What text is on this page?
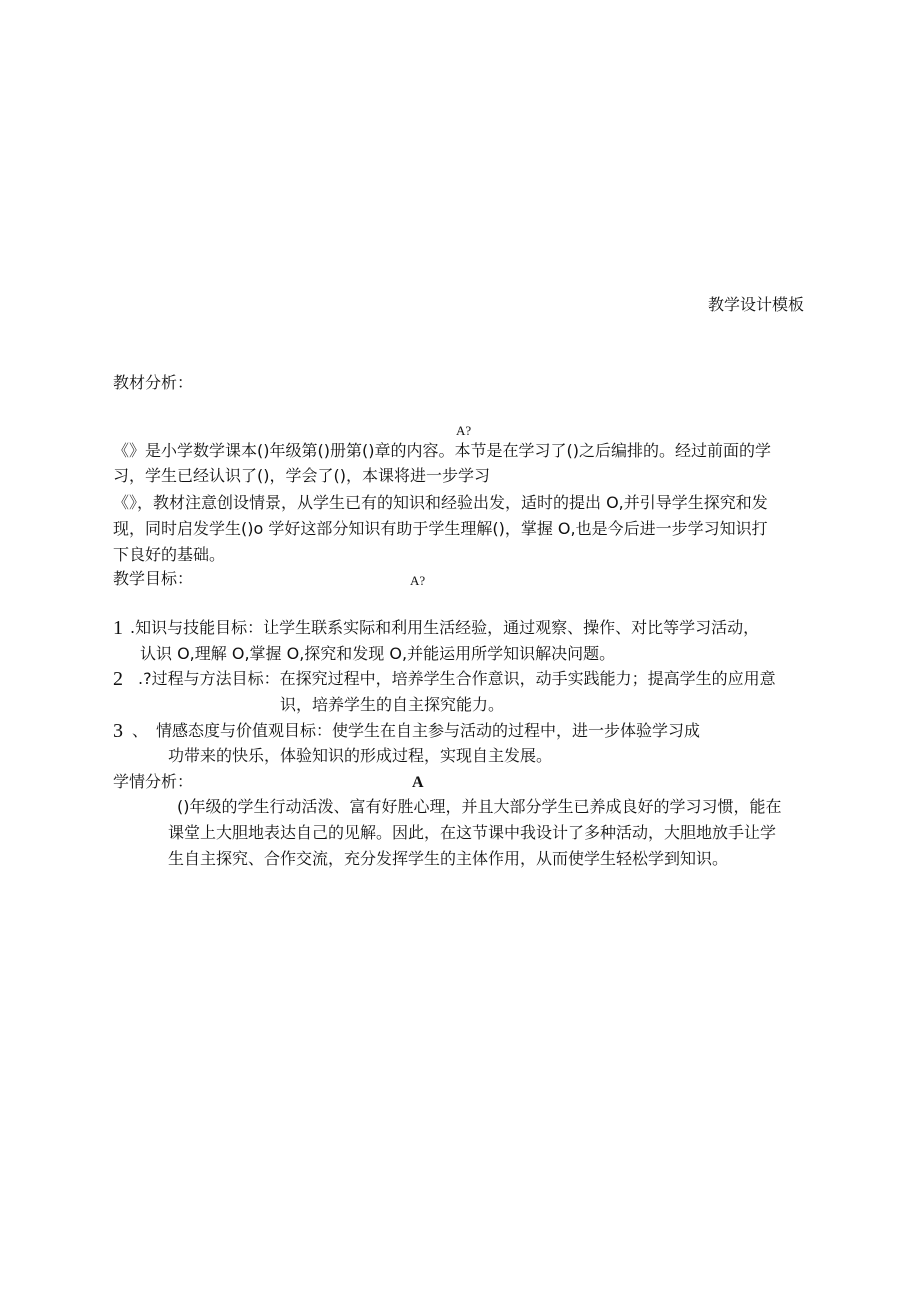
教学设计模板
教材分析：
A?
《》是小学数学课本()年级第()册第()章的内容。本节是在学习了()之后编排的。经过前面的学
习，学生已经认识了()，学会了()，本课将进一步学习
《》，教材注意创设情景，从学生已有的知识和经验出发，适时的提出 O,并引导学生探究和发
现，同时启发学生()o 学好这部分知识有助于学生理解()，掌握 O,也是今后进一步学习知识打
下良好的基础。
教学目标：	A?
1 .知识与技能目标：让学生联系实际和利用生活经验，通过观察、操作、对比等学习活动，
认识 O,理解 O,掌握 O,探究和发现 O,并能运用所学知识解决问题。
2 .?过程与方法目标：在探究过程中，培养学生合作意识，动手实践能力；提高学生的应用意
识，培养学生的自主探究能力。
3 、　情感态度与价值观目标：使学生在自主参与活动的过程中，进一步体验学习成
功带来的快乐，体验知识的形成过程，实现自主发展。
学情分析：	A
()年级的学生行动活泼、富有好胜心理，并且大部分学生已养成良好的学习习惯，能在
课堂上大胆地表达自己的见解。因此，在这节课中我设计了多种活动，大胆地放手让学
生自主探究、合作交流，充分发挥学生的主体作用，从而使学生轻松学到知识。
